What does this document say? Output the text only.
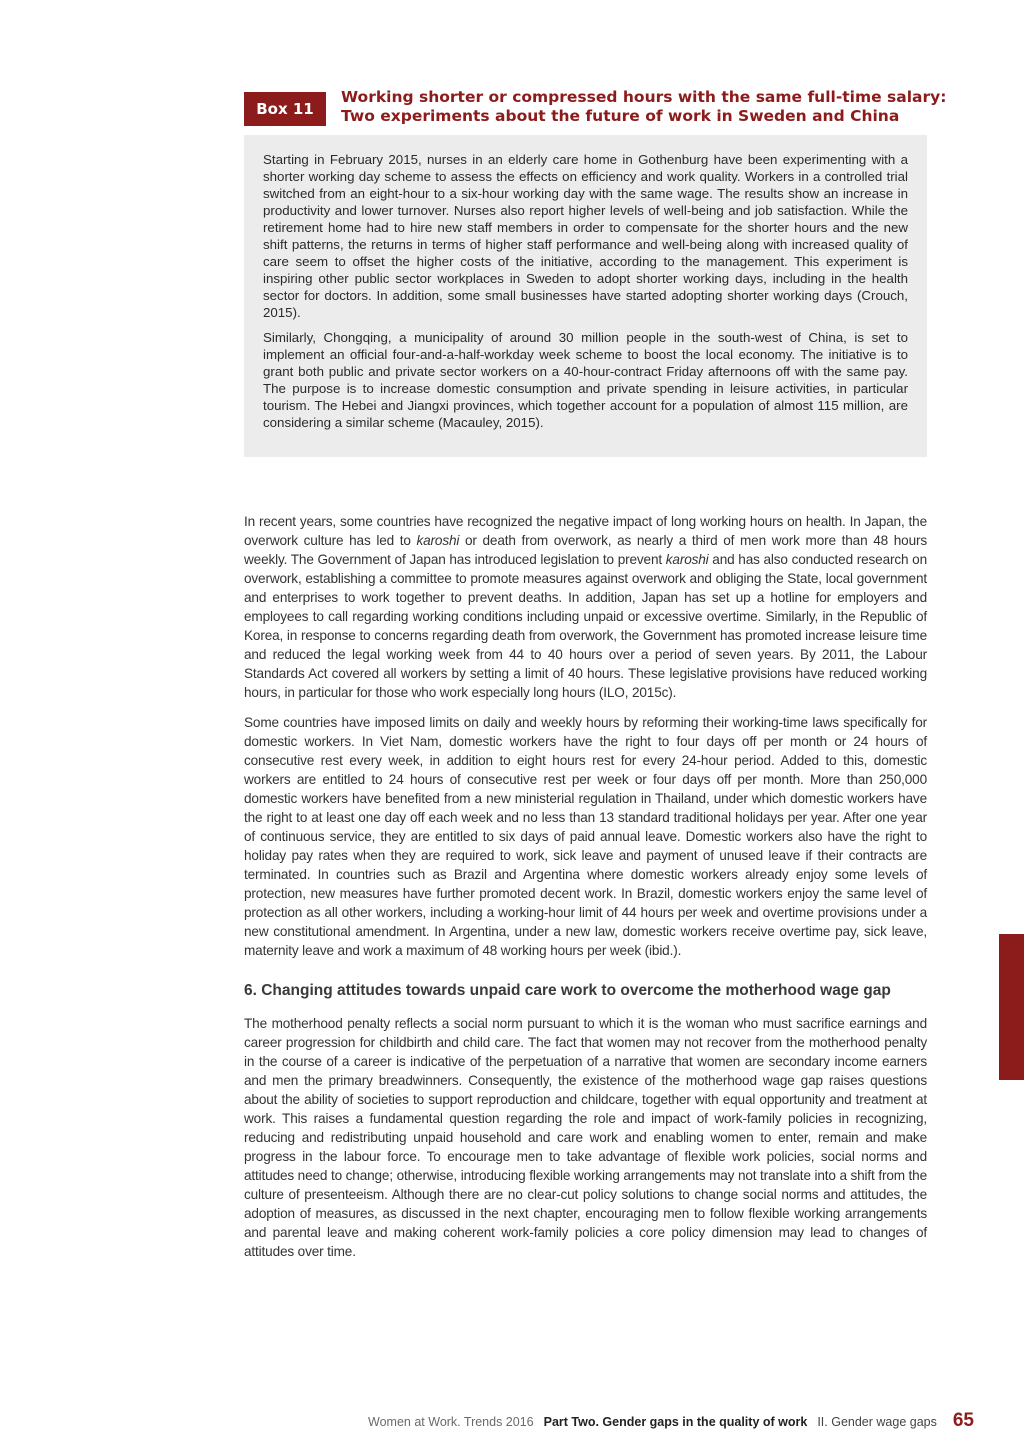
Box 11
Working shorter or compressed hours with the same full-time salary:
Two experiments about the future of work in Sweden and China

Starting in February 2015, nurses in an elderly care home in Gothenburg have been experimenting with a shorter working day scheme to assess the effects on efficiency and work quality. Workers in a controlled trial switched from an eight-hour to a six-hour working day with the same wage. The results show an increase in productivity and lower turnover. Nurses also report higher levels of well-being and job satisfaction. While the retirement home had to hire new staff members in order to compensate for the shorter hours and the new shift patterns, the returns in terms of higher staff performance and well-being along with increased quality of care seem to offset the higher costs of the initiative, according to the management. This experiment is inspiring other public sector workplaces in Sweden to adopt shorter working days, including in the health sector for doctors. In addition, some small businesses have started adopting shorter working days (Crouch, 2015).

Similarly, Chongqing, a municipality of around 30 million people in the south-west of China, is set to implement an official four-and-a-half-workday week scheme to boost the local economy. The initiative is to grant both public and private sector workers on a 40-hour-contract Friday afternoons off with the same pay. The purpose is to increase domestic consumption and private spending in leisure activities, in particular tourism. The Hebei and Jiangxi provinces, which together account for a population of almost 115 million, are considering a similar scheme (Macauley, 2015).

In recent years, some countries have recognized the negative impact of long working hours on health. In Japan, the overwork culture has led to karoshi or death from overwork, as nearly a third of men work more than 48 hours weekly. The Government of Japan has introduced legislation to prevent karoshi and has also conducted research on overwork, establishing a committee to promote measures against overwork and obliging the State, local government and enterprises to work together to prevent deaths. In addition, Japan has set up a hotline for employers and employees to call regarding working conditions including unpaid or excessive overtime. Similarly, in the Republic of Korea, in response to concerns regarding death from overwork, the Government has promoted increase leisure time and reduced the legal working week from 44 to 40 hours over a period of seven years. By 2011, the Labour Standards Act covered all workers by setting a limit of 40 hours. These legislative provisions have reduced working hours, in particular for those who work especially long hours (ILO, 2015c).

Some countries have imposed limits on daily and weekly hours by reforming their working-time laws specifically for domestic workers. In Viet Nam, domestic workers have the right to four days off per month or 24 hours of consecutive rest every week, in addition to eight hours rest for every 24-hour period. Added to this, domestic workers are entitled to 24 hours of consecutive rest per week or four days off per month. More than 250,000 domestic workers have benefited from a new ministerial regulation in Thailand, under which domestic workers have the right to at least one day off each week and no less than 13 standard traditional holidays per year. After one year of continuous service, they are entitled to six days of paid annual leave. Domestic workers also have the right to holiday pay rates when they are required to work, sick leave and payment of unused leave if their contracts are terminated. In countries such as Brazil and Argentina where domestic workers already enjoy some levels of protection, new measures have further promoted decent work. In Brazil, domestic workers enjoy the same level of protection as all other workers, including a working-hour limit of 44 hours per week and overtime provisions under a new constitutional amendment. In Argentina, under a new law, domestic workers receive overtime pay, sick leave, maternity leave and work a maximum of 48 working hours per week (ibid.).

6. Changing attitudes towards unpaid care work to overcome the motherhood wage gap

The motherhood penalty reflects a social norm pursuant to which it is the woman who must sacrifice earnings and career progression for childbirth and child care. The fact that women may not recover from the motherhood penalty in the course of a career is indicative of the perpetuation of a narrative that women are secondary income earners and men the primary breadwinners. Consequently, the existence of the motherhood wage gap raises questions about the ability of societies to support reproduction and childcare, together with equal opportunity and treatment at work. This raises a fundamental question regarding the role and impact of work-family policies in recognizing, reducing and redistributing unpaid household and care work and enabling women to enter, remain and make progress in the labour force. To encourage men to take advantage of flexible work policies, social norms and attitudes need to change; otherwise, introducing flexible working arrangements may not translate into a shift from the culture of presenteeism. Although there are no clear-cut policy solutions to change social norms and attitudes, the adoption of measures, as discussed in the next chapter, encouraging men to follow flexible working arrangements and parental leave and making coherent work-family policies a core policy dimension may lead to changes of attitudes over time.

Women at Work. Trends 2016 Part Two. Gender gaps in the quality of work II. Gender wage gaps 65
